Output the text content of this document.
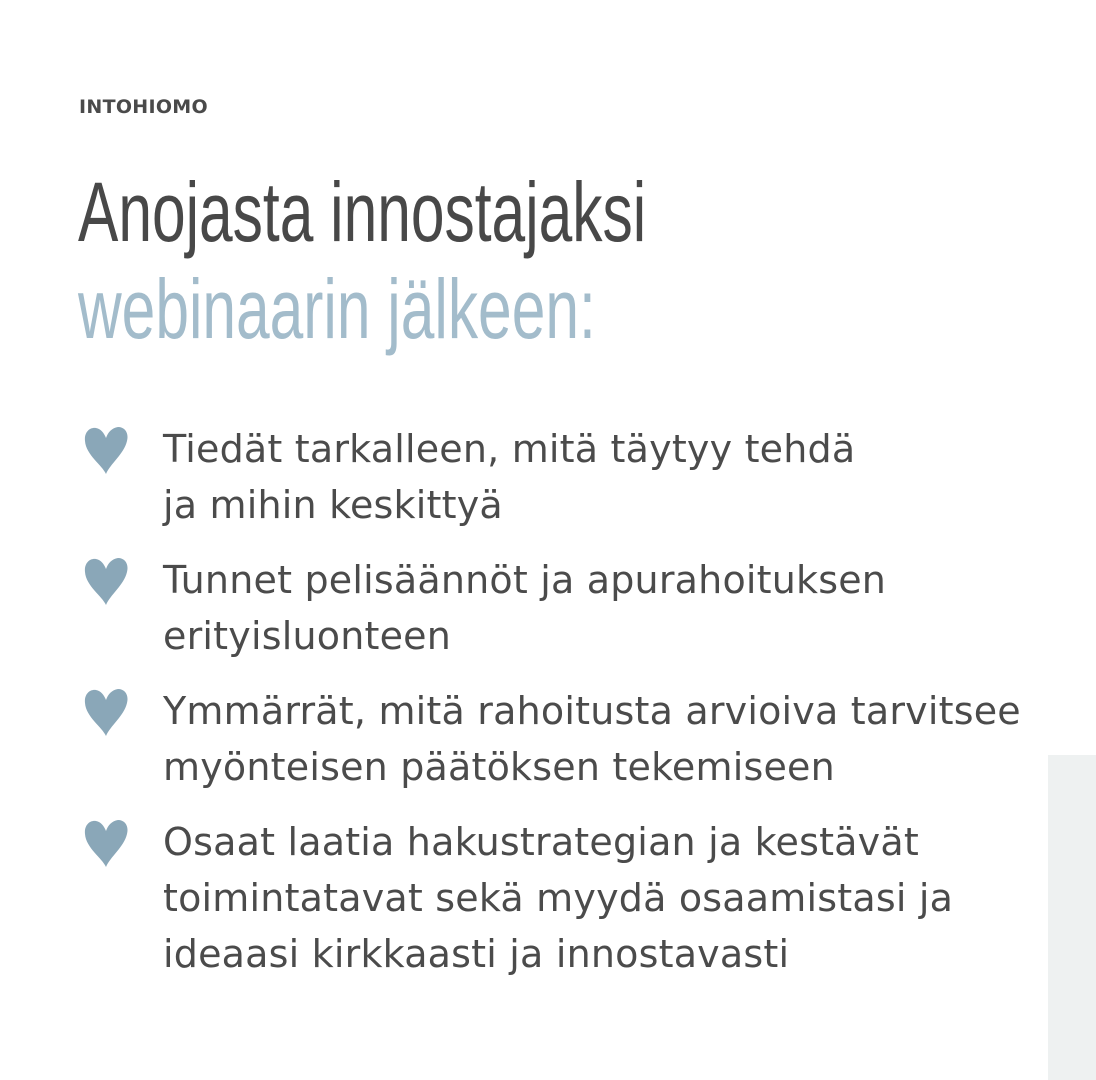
INTOHIOMO

Anojasta innostajaksi
webinaarin jälkeen:
Tiedät tarkalleen, mitä täytyy tehdä
ja mihin keskittyä
Tunnet pelisäännöt ja apurahoituksen
erityisluonteen
Ymmärrät, mitä rahoitusta arvioiva tarvitsee
myönteisen päätöksen tekemiseen
Osaat laatia hakustrategian ja kestävät
toimintatavat sekä myydä osaamistasi ja
ideaasi kirkkaasti ja innostavasti
